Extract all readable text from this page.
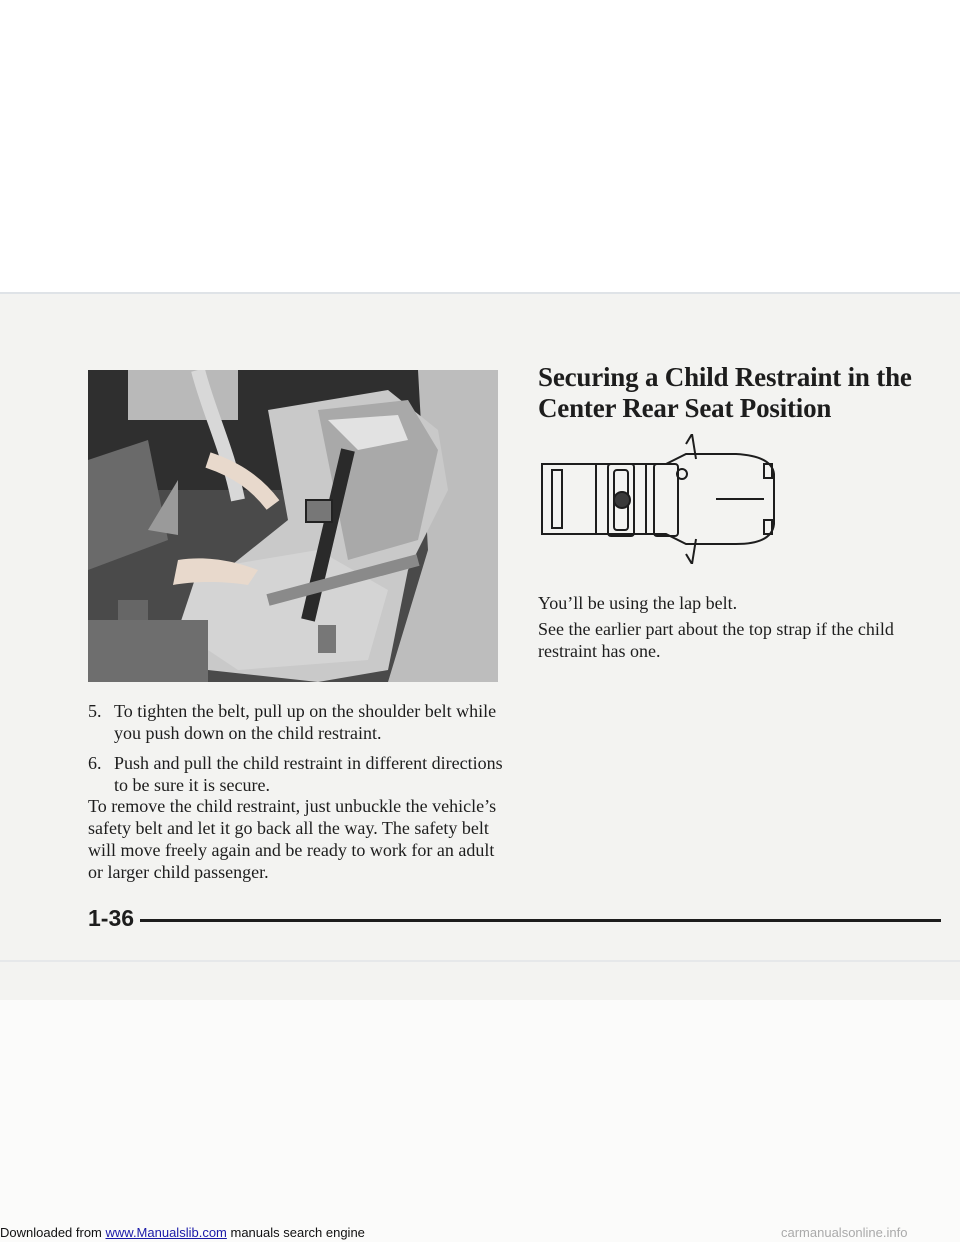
Securing a Child Restraint in the Center Rear Seat Position

You’ll be using the lap belt.

See the earlier part about the top strap if the child restraint has one.

5. To tighten the belt, pull up on the shoulder belt while you push down on the child restraint.
6. Push and pull the child restraint in different directions to be sure it is secure.

To remove the child restraint, just unbuckle the vehicle’s safety belt and let it go back all the way. The safety belt will move freely again and be ready to work for an adult or larger child passenger.

1-36
Downloaded from www.Manualslib.com manuals search engine	carmanualsonline.info
